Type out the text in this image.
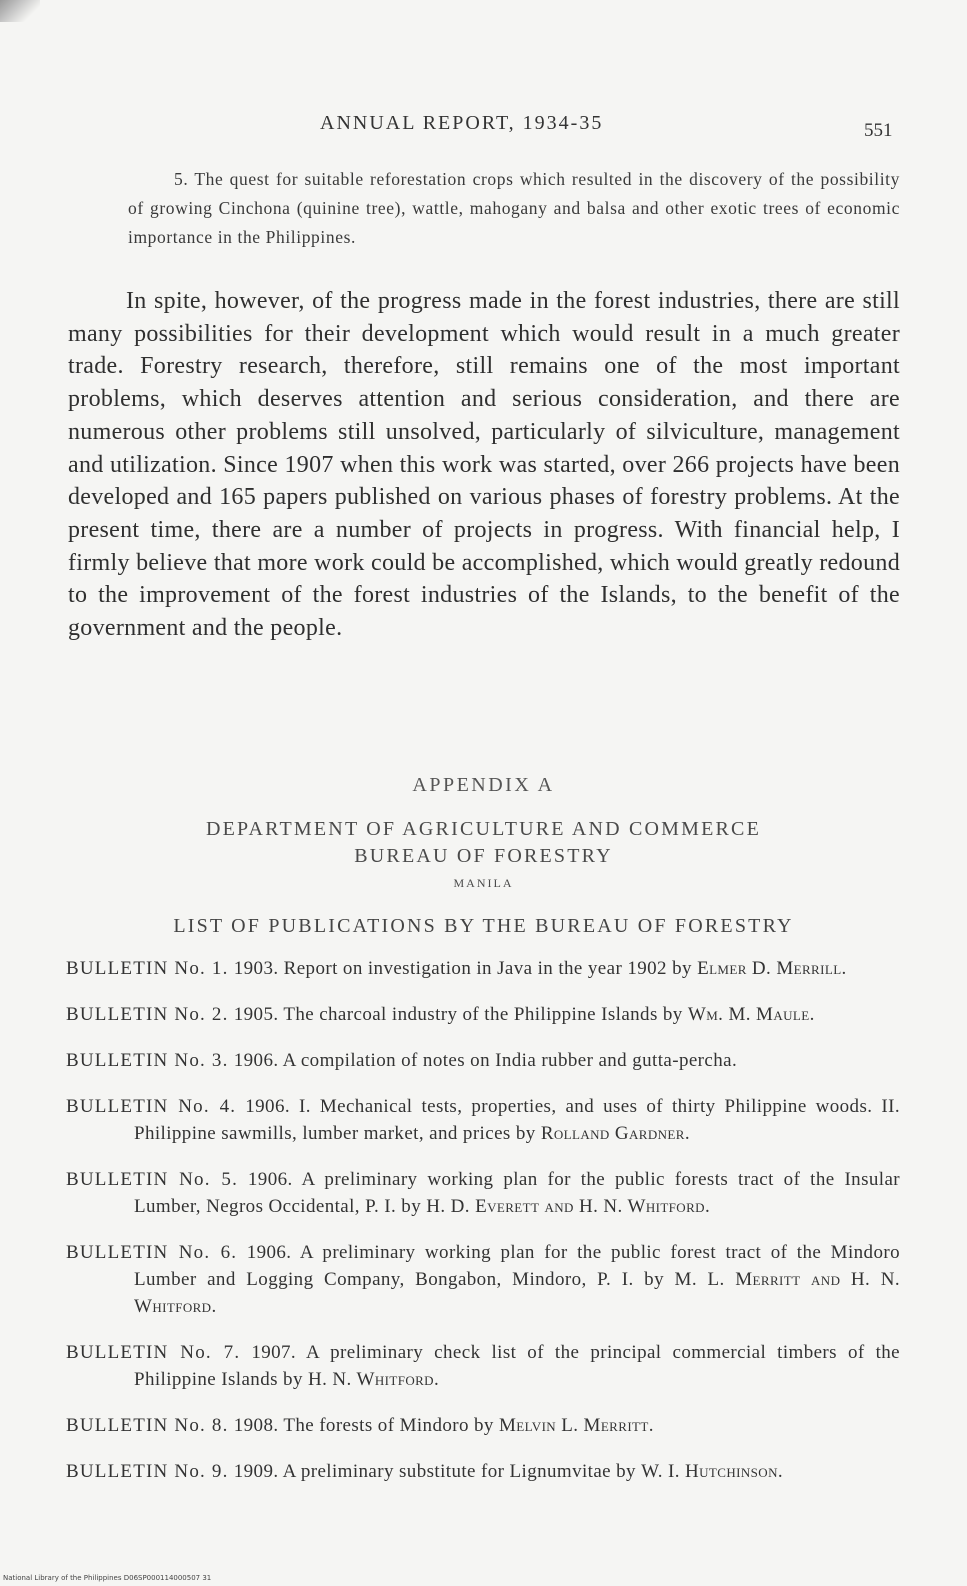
ANNUAL REPORT, 1934-35	551

5. The quest for suitable reforestation crops which resulted in the discovery of the possibility of growing Cinchona (quinine tree), wattle, mahogany and balsa and other exotic trees of economic importance in the Philippines.

In spite, however, of the progress made in the forest industries, there are still many possibilities for their development which would result in a much greater trade. Forestry research, therefore, still remains one of the most important problems, which deserves attention and serious consideration, and there are numerous other problems still unsolved, particularly of silviculture, management and utilization. Since 1907 when this work was started, over 266 projects have been developed and 165 papers published on various phases of forestry problems. At the present time, there are a number of projects in progress. With financial help, I firmly believe that more work could be accomplished, which would greatly redound to the improvement of the forest industries of the Islands, to the benefit of the government and the people.

APPENDIX A
DEPARTMENT OF AGRICULTURE AND COMMERCE
BUREAU OF FORESTRY
MANILA
LIST OF PUBLICATIONS BY THE BUREAU OF FORESTRY

BULLETIN No. 1. 1903. Report on investigation in Java in the year 1902 by Elmer D. Merrill.

BULLETIN No. 2. 1905. The charcoal industry of the Philippine Islands by Wm. M. Maule.

BULLETIN No. 3. 1906. A compilation of notes on India rubber and gutta-percha.

BULLETIN No. 4. 1906. I. Mechanical tests, properties, and uses of thirty Philippine woods. II. Philippine sawmills, lumber market, and prices by Rolland Gardner.

BULLETIN No. 5. 1906. A preliminary working plan for the public forests tract of the Insular Lumber, Negros Occidental, P. I. by H. D. Everett and H. N. Whitford.

BULLETIN No. 6. 1906. A preliminary working plan for the public forest tract of the Mindoro Lumber and Logging Company, Bongabon, Mindoro, P. I. by M. L. Merritt and H. N. Whitford.

BULLETIN No. 7. 1907. A preliminary check list of the principal commercial timbers of the Philippine Islands by H. N. Whitford.

BULLETIN No. 8. 1908. The forests of Mindoro by Melvin L. Merritt.

BULLETIN No. 9. 1909. A preliminary substitute for Lignumvitae by W. I. Hutchinson.

National Library of the Philippines D06SP000114000507 31
